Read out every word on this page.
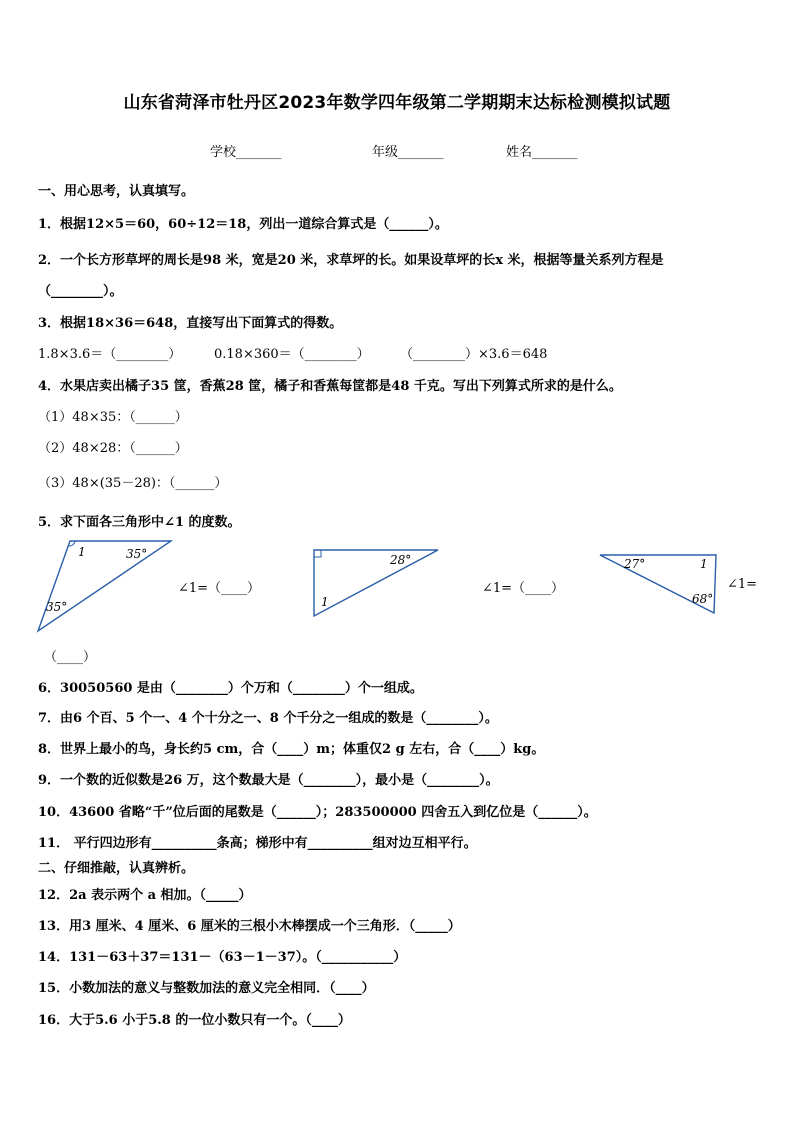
山东省菏泽市牡丹区2023年数学四年级第二学期期末达标检测模拟试题
学校_______	年级_______	姓名_______
一、用心思考，认真填写。
1．根据12×5＝60，60÷12＝18，列出一道综合算式是（______）。
2．一个长方形草坪的周长是98 米，宽是20 米，求草坪的长。如果设草坪的长x 米，根据等量关系列方程是
（________）。
3．根据18×36＝648，直接写出下面算式的得数。
1.8×3.6＝（________）	0.18×360＝（________） （________）×3.6＝648
4．水果店卖出橘子35 筐，香蕉28 筐，橘子和香蕉每筐都是48 千克。写出下列算式所求的是什么。
（1）48×35：（______）
（2）48×28：（______）
（3）48×(35－28)：（______）
5．求下面各三角形中∠1 的度数。
1	35°
35°
∠1=（____）
（____）
28°
1
∠1=（____）
27°	1
68°
∠1=
6．30050560 是由（________）个万和（________）个一组成。
7．由6 个百、5 个一、4 个十分之一、8 个千分之一组成的数是（________）。
8．世界上最小的鸟，身长约5 cm，合（____）m；体重仅2 g 左右，合（____）kg。
9．一个数的近似数是26 万，这个数最大是（________），最小是（________）。
10．43600 省略“千”位后面的尾数是（______）；283500000 四舍五入到亿位是（______）。
11． 平行四边形有__________条高；梯形中有__________组对边互相平行。
二、仔细推敲，认真辨析。
12．2a 表示两个 a 相加。（_____）
13．用3 厘米、4 厘米、6 厘米的三根小木棒摆成一个三角形．（_____）
14．131－63＋37＝131－（63－1－37）。（___________）
15．小数加法的意义与整数加法的意义完全相同．（____）
16．大于5.6 小于5.8 的一位小数只有一个。（____）
